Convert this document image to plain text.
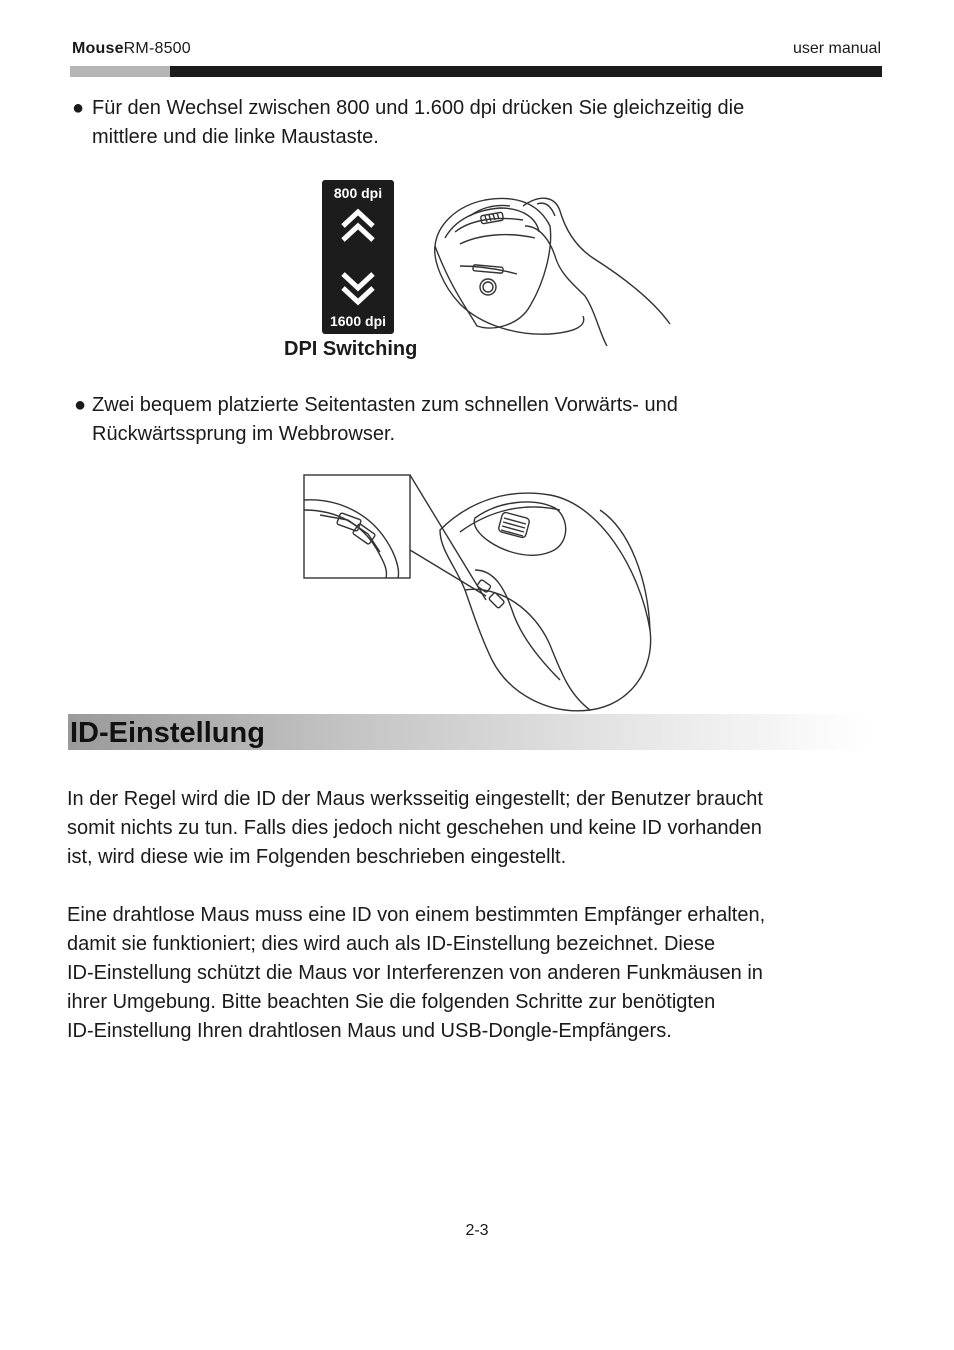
MouseRM-8500	user manual
● Für den Wechsel zwischen 800 und 1.600 dpi drücken Sie gleichzeitig die
mittlere und die linke Maustaste.
800 dpi
1600 dpi
DPI Switching
● Zwei bequem platzierte Seitentasten zum schnellen Vorwärts- und
Rückwärtssprung im Webbrowser.
ID-Einstellung
In der Regel wird die ID der Maus werksseitig eingestellt; der Benutzer braucht
somit nichts zu tun. Falls dies jedoch nicht geschehen und keine ID vorhanden
ist, wird diese wie im Folgenden beschrieben eingestellt.
Eine drahtlose Maus muss eine ID von einem bestimmten Empfänger erhalten,
damit sie funktioniert; dies wird auch als ID-Einstellung bezeichnet. Diese
ID-Einstellung schützt die Maus vor Interferenzen von anderen Funkmäusen in
ihrer Umgebung. Bitte beachten Sie die folgenden Schritte zur benötigten
ID-Einstellung Ihren drahtlosen Maus und USB-Dongle-Empfängers.
2-3
